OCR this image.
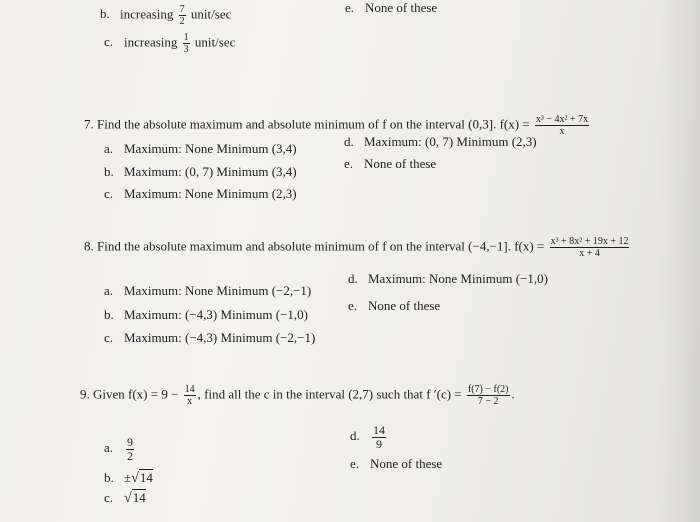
b. increasing $\frac{7}{2}$ unit/sec	e. None of these
c. increasing $\frac{1}{3}$ unit/sec
7. Find the absolute maximum and absolute minimum of f on the interval (0,3]. $f(x) = \frac{\text{x³ − 4x² + 7x}}{x}$
a. Maximum: None Minimum (3,4)
b. Maximum: (0, 7) Minimum (3,4)
c. Maximum: None Minimum (2,3)
d. Maximum: (0, 7) Minimum (2,3)
e. None of these
8. Find the absolute maximum and absolute minimum of f on the interval (−4,−1]. $f(x) = \frac{\text{x³ + 8x² + 19x + 12}}{x + 4}$
a. Maximum: None Minimum (−2,−1)
b. Maximum: (−4,3) Minimum (−1,0)
c. Maximum: (−4,3) Minimum (−2,−1)
d. Maximum: None Minimum (−1,0)
e. None of these
9. Given $f(x) = 9 - \frac{14}{x}$ , find all the c in the interval (2,7) such that f $'(c) = \frac{f(7) - f(2)}{7 - 2}$ .
a. $\frac{9}{2}$
b. ±√14
c. √14
d. $\frac{14}{9}$
e. None of these
